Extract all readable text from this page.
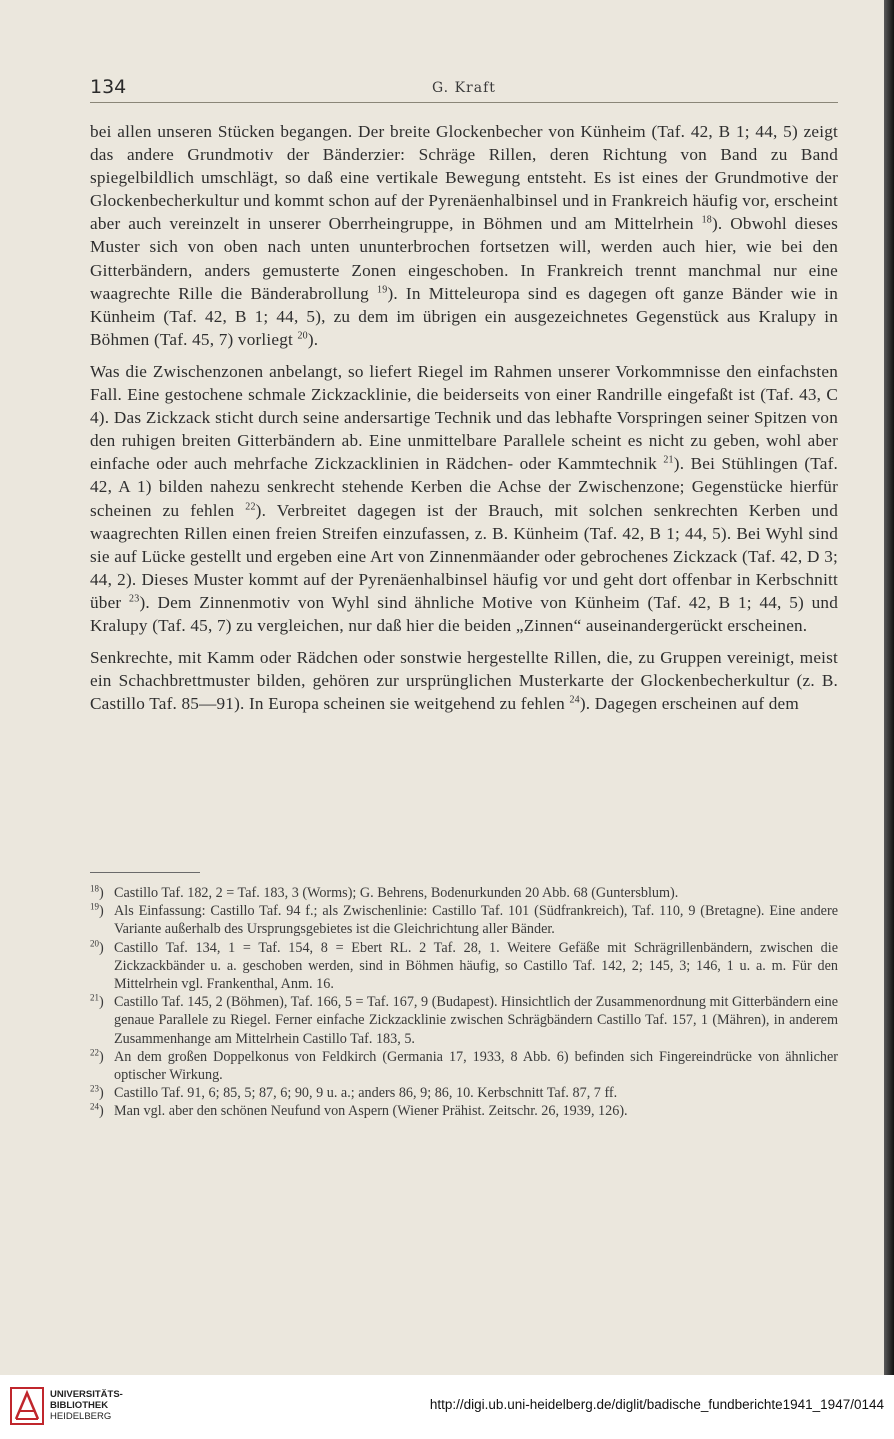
134	G. Kraft

bei allen unseren Stücken begangen. Der breite Glockenbecher von Künheim (Taf. 42, B 1; 44, 5) zeigt das andere Grundmotiv der Bänderzier: Schräge Rillen, deren Richtung von Band zu Band spiegelbildlich umschlägt, so daß eine vertikale Bewegung entsteht. Es ist eines der Grundmotive der Glockenbecherkultur und kommt schon auf der Pyrenäenhalbinsel und in Frankreich häufig vor, erscheint aber auch vereinzelt in unserer Oberrheingruppe, in Böhmen und am Mittelrhein $^{18}$). Obwohl dieses Muster sich von oben nach unten ununterbrochen fortsetzen will, werden auch hier, wie bei den Gitterbändern, anders gemusterte Zonen eingeschoben. In Frankreich trennt manchmal nur eine waagrechte Rille die Bänderabrollung $^{19}$). In Mitteleuropa sind es dagegen oft ganze Bänder wie in Künheim (Taf. 42, B 1; 44, 5), zu dem im übrigen ein ausgezeichnetes Gegenstück aus Kralupy in Böhmen (Taf. 45, 7) vorliegt $^{20}$).

Was die Zwischenzonen anbelangt, so liefert Riegel im Rahmen unserer Vorkommnisse den einfachsten Fall. Eine gestochene schmale Zickzacklinie, die beiderseits von einer Randrille eingefaßt ist (Taf. 43, C 4). Das Zickzack sticht durch seine andersartige Technik und das lebhafte Vorspringen seiner Spitzen von den ruhigen breiten Gitterbändern ab. Eine unmittelbare Parallele scheint es nicht zu geben, wohl aber einfache oder auch mehrfache Zickzacklinien in Rädchen- oder Kammtechnik $^{21}$). Bei Stühlingen (Taf. 42, A 1) bilden nahezu senkrecht stehende Kerben die Achse der Zwischenzone; Gegenstücke hierfür scheinen zu fehlen $^{22}$). Verbreitet dagegen ist der Brauch, mit solchen senkrechten Kerben und waagrechten Rillen einen freien Streifen einzufassen, z. B. Künheim (Taf. 42, B 1; 44, 5). Bei Wyhl sind sie auf Lücke gestellt und ergeben eine Art von Zinnenmäander oder gebrochenes Zickzack (Taf. 42, D 3; 44, 2). Dieses Muster kommt auf der Pyrenäenhalbinsel häufig vor und geht dort offenbar in Kerbschnitt über $^{23}$). Dem Zinnenmotiv von Wyhl sind ähnliche Motive von Künheim (Taf. 42, B 1; 44, 5) und Kralupy (Taf. 45, 7) zu vergleichen, nur daß hier die beiden „Zinnen“ auseinandergerückt erscheinen.

Senkrechte, mit Kamm oder Rädchen oder sonstwie hergestellte Rillen, die, zu Gruppen vereinigt, meist ein Schachbrettmuster bilden, gehören zur ursprünglichen Musterkarte der Glockenbecherkultur (z. B. Castillo Taf. 85—91). In Europa scheinen sie weitgehend zu fehlen $^{24}$). Dagegen erscheinen auf dem

$^{18}$) Castillo Taf. 182, 2 = Taf. 183, 3 (Worms); G. Behrens, Bodenurkunden 20 Abb. 68 (Guntersblum).

$^{19}$) Als Einfassung: Castillo Taf. 94 f.; als Zwischenlinie: Castillo Taf. 101 (Südfrankreich), Taf. 110, 9 (Bretagne). Eine andere Variante außerhalb des Ursprungsgebietes ist die Gleichrichtung aller Bänder.

$^{20}$) Castillo Taf. 134, 1 = Taf. 154, 8 = Ebert RL. 2 Taf. 28, 1. Weitere Gefäße mit Schrägrillenbändern, zwischen die Zickzackbänder u. a. geschoben werden, sind in Böhmen häufig, so Castillo Taf. 142, 2; 145, 3; 146, 1 u. a. m. Für den Mittelrhein vgl. Frankenthal, Anm. 16.

$^{21}$) Castillo Taf. 145, 2 (Böhmen), Taf. 166, 5 = Taf. 167, 9 (Budapest). Hinsichtlich der Zusammenordnung mit Gitterbändern eine genaue Parallele zu Riegel. Ferner einfache Zickzacklinie zwischen Schrägbändern Castillo Taf. 157, 1 (Mähren), in anderem Zusammenhange am Mittelrhein Castillo Taf. 183, 5.

$^{22}$) An dem großen Doppelkonus von Feldkirch (Germania 17, 1933, 8 Abb. 6) befinden sich Fingereindrücke von ähnlicher optischer Wirkung.

$^{23}$) Castillo Taf. 91, 6; 85, 5; 87, 6; 90, 9 u. a.; anders 86, 9; 86, 10. Kerbschnitt Taf. 87, 7 ff.

$^{24}$) Man vgl. aber den schönen Neufund von Aspern (Wiener Prähist. Zeitschr. 26, 1939, 126).

UNIVERSITÄTS-
BIBLIOTHEK
HEIDELBERG
http://digi.ub.uni-heidelberg.de/diglit/badische_fundberichte1941_1947/0144
